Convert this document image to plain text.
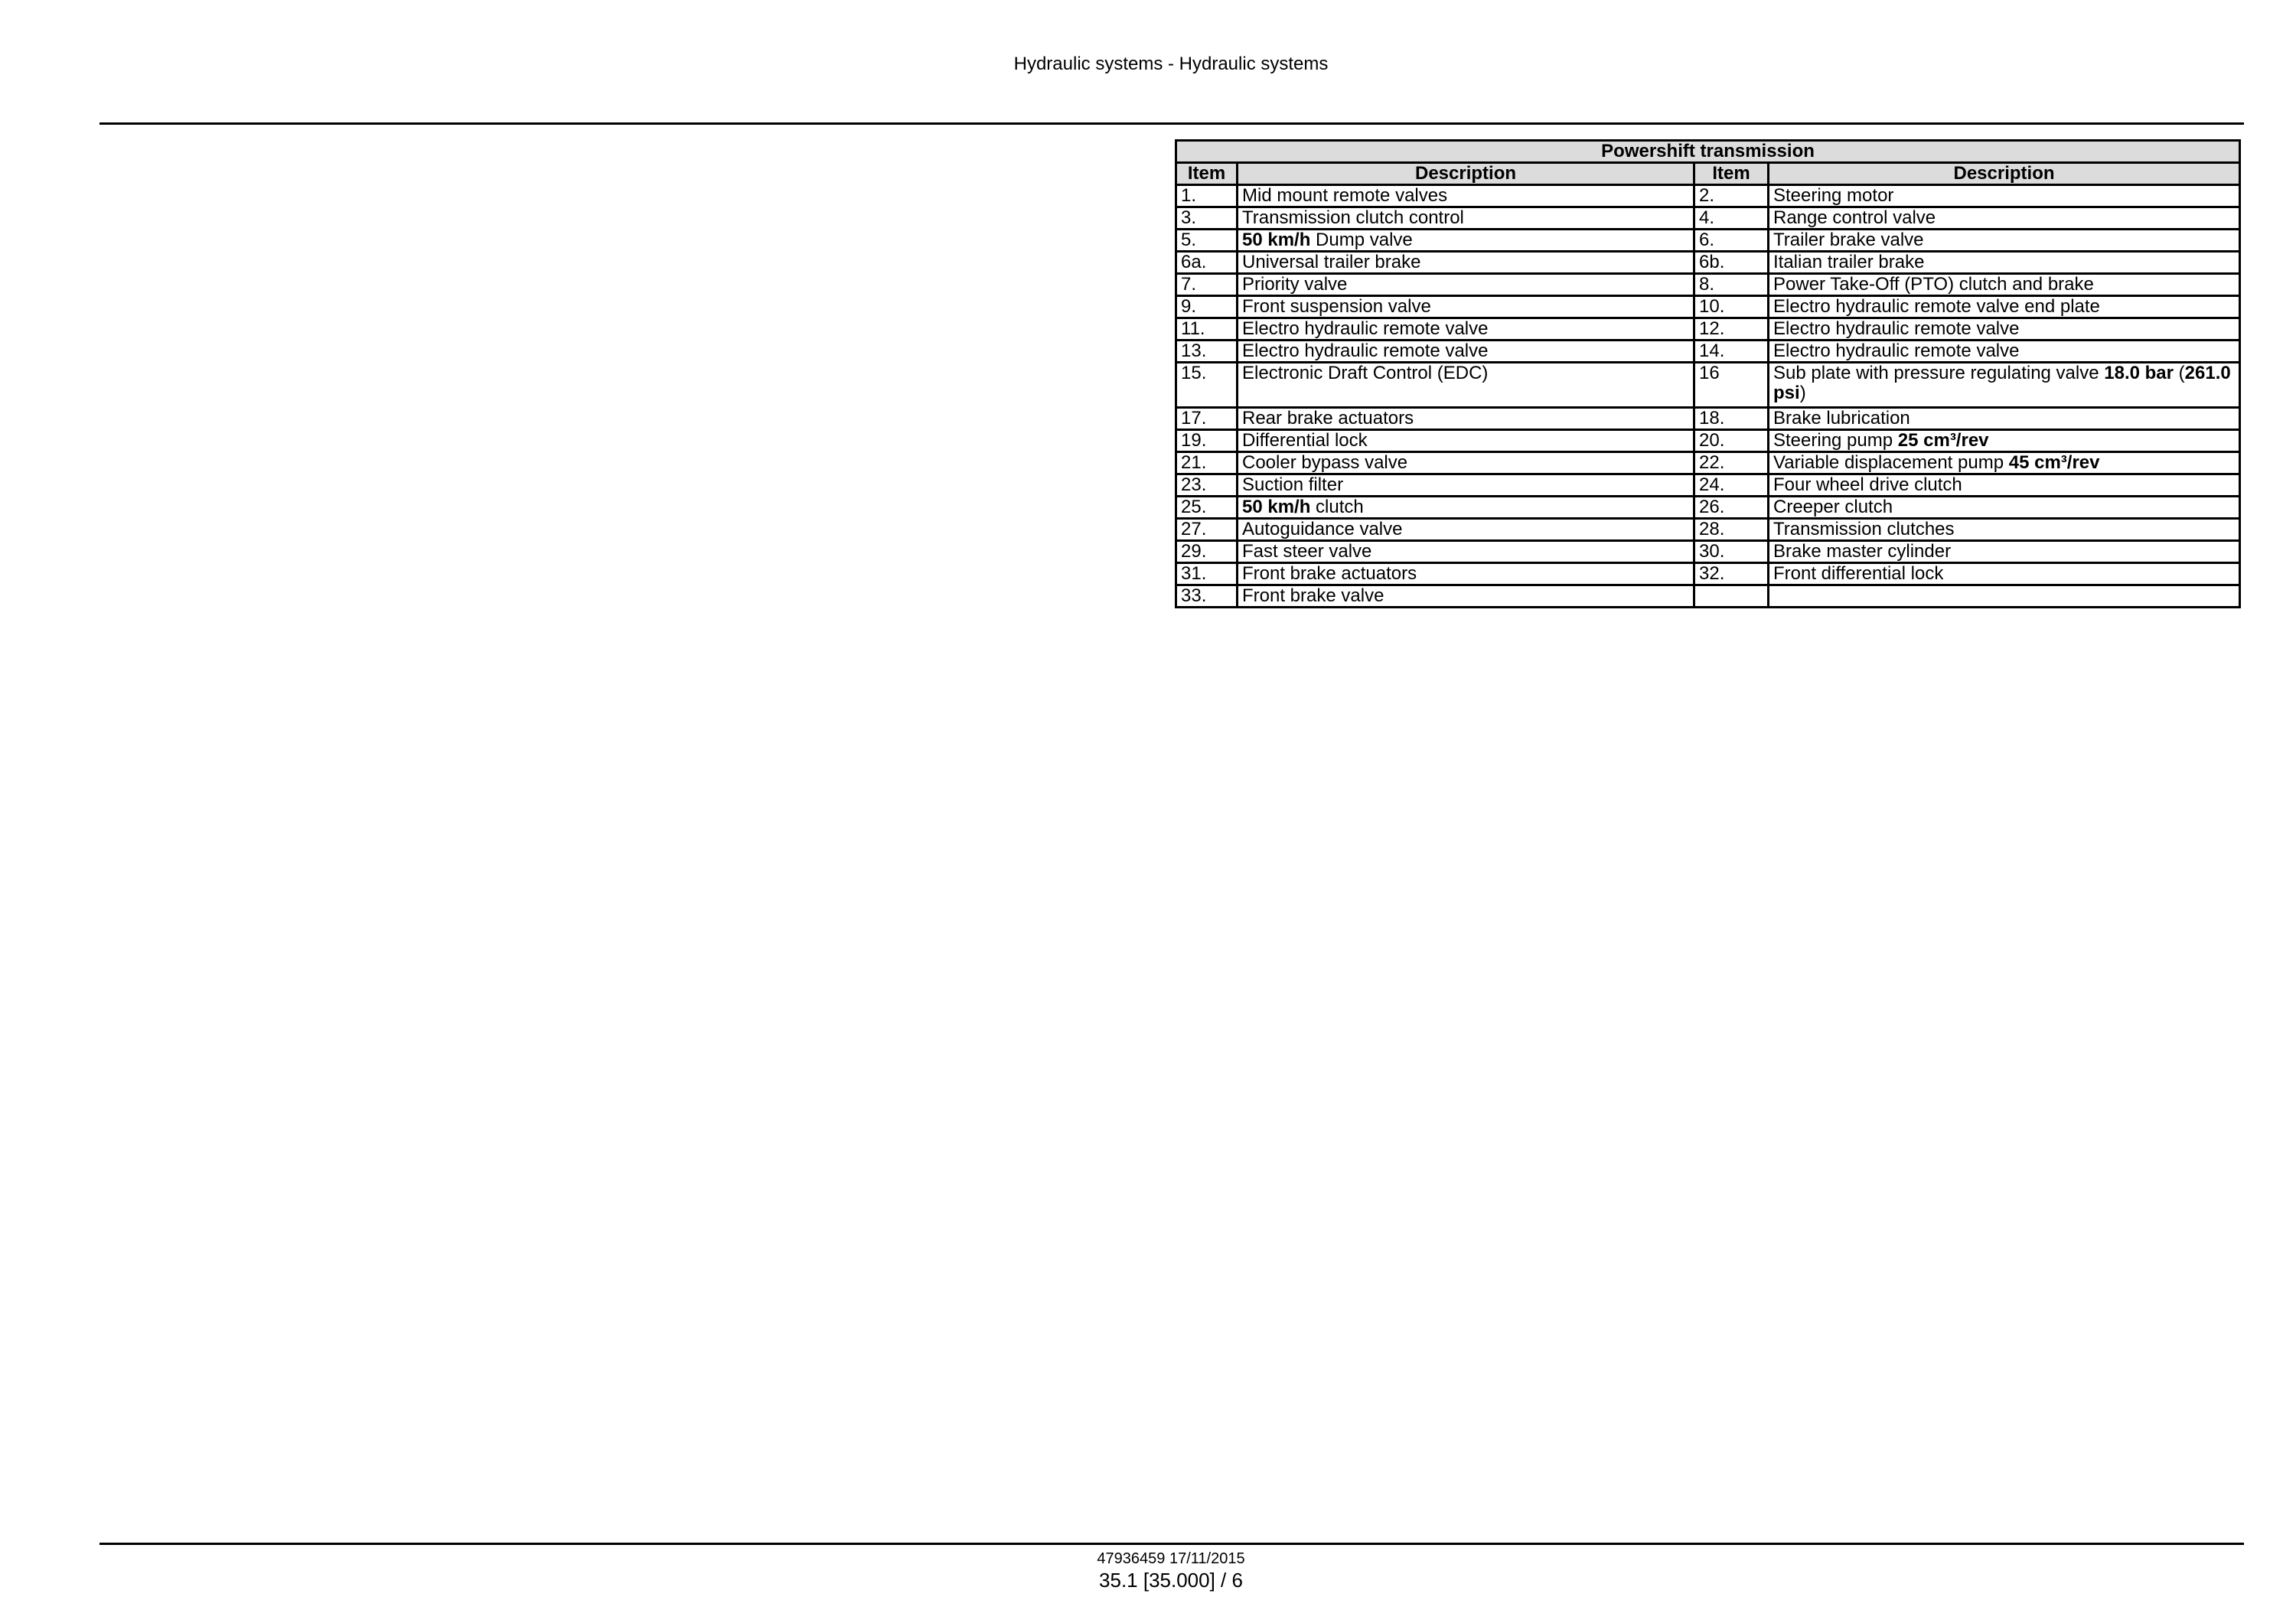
Hydraulic systems - Hydraulic systems
Powershift transmission			
Item	Description	Item	Description
1.	Mid mount remote valves	2.	Steering motor
3.	Transmission clutch control	4.	Range control valve
5.	50 km/h Dump valve	6.	Trailer brake valve
6a.	Universal trailer brake	6b.	Italian trailer brake
7.	Priority valve	8.	Power Take-Off (PTO) clutch and brake
9.	Front suspension valve	10.	Electro hydraulic remote valve end plate
11.	Electro hydraulic remote valve	12.	Electro hydraulic remote valve
13.	Electro hydraulic remote valve	14.	Electro hydraulic remote valve
15.	Electronic Draft Control (EDC)	16	Sub plate with pressure regulating valve 18.0 bar (261.0 psi)
17.	Rear brake actuators	18.	Brake lubrication
19.	Differential lock	20.	Steering pump 25 cm³/rev
21.	Cooler bypass valve	22.	Variable displacement pump 45 cm³/rev
23.	Suction filter	24.	Four wheel drive clutch
25.	50 km/h clutch	26.	Creeper clutch
27.	Autoguidance valve	28.	Transmission clutches
29.	Fast steer valve	30.	Brake master cylinder
31.	Front brake actuators	32.	Front differential lock
33.	Front brake valve		
47936459 17/11/2015
35.1 [35.000] / 6
